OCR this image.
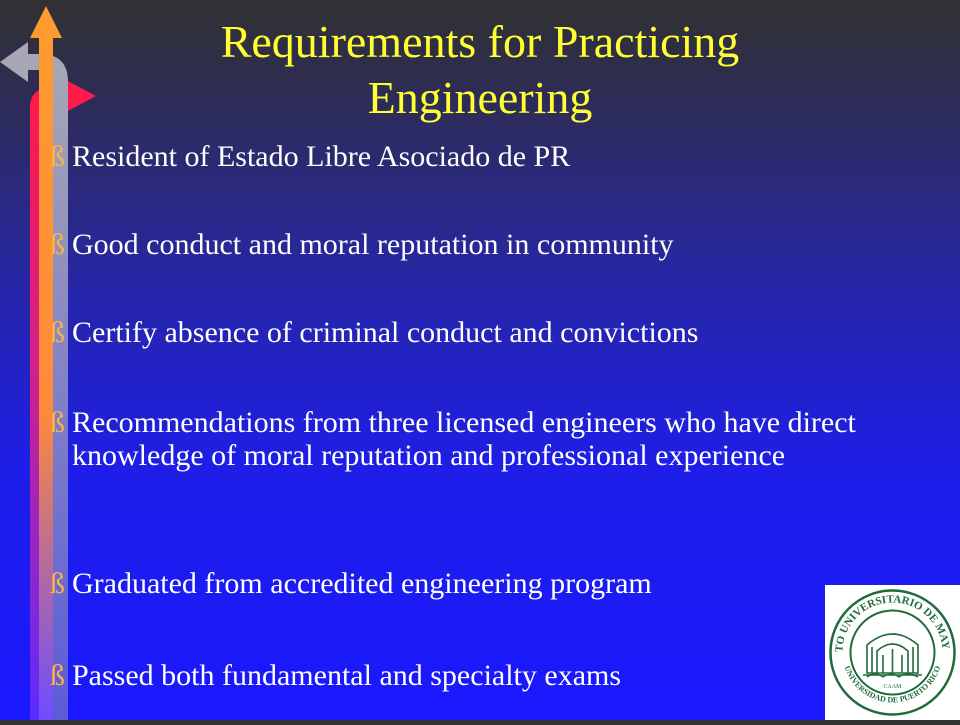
Requirements for Practicing Engineering
ß Resident of Estado Libre Asociado de PR
ß Good conduct and moral reputation in community
ß Certify absence of criminal conduct and convictions
ß Recommendations from three licensed engineers who have direct knowledge of moral reputation and professional experience
ß Graduated from accredited engineering program
ß Passed both fundamental and specialty exams
TO UNIVERSITARIO DE MAY
UNIVERSIDAD DE PUERTO RICO
CAAM
